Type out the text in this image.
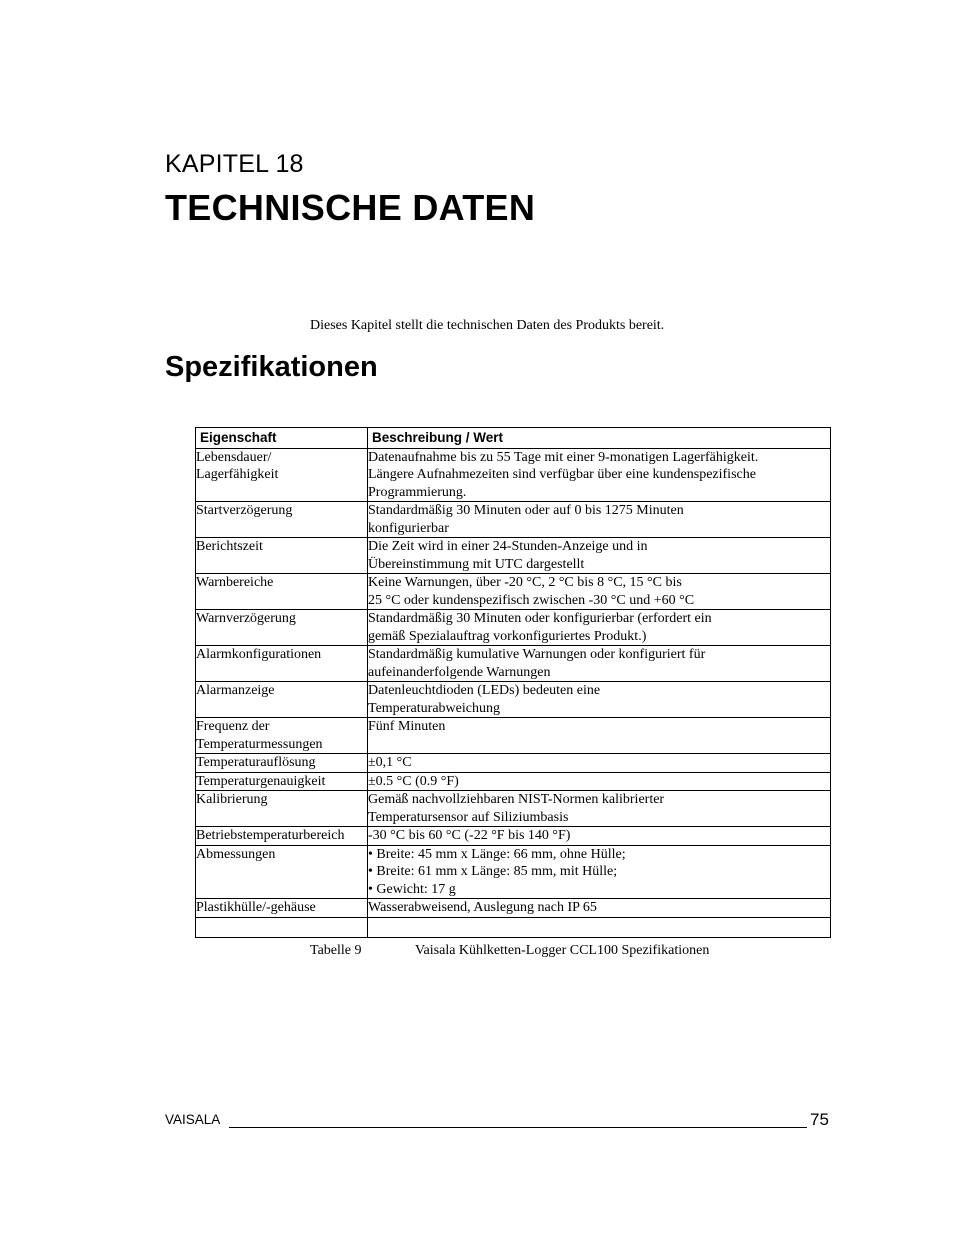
KAPITEL 18
TECHNISCHE DATEN
Dieses Kapitel stellt die technischen Daten des Produkts bereit.
Spezifikationen
Eigenschaft	Beschreibung / Wert

Lebensdauer/
Lagerfähigkeit	Datenaufnahme bis zu 55 Tage mit einer 9-monatigen Lagerfähigkeit.
Längere Aufnahmezeiten sind verfügbar über eine kundenspezifische
Programmierung.

Startverzögerung	Standardmäßig 30 Minuten oder auf 0 bis 1275 Minuten
konfigurierbar

Berichtszeit	Die Zeit wird in einer 24-Stunden-Anzeige und in
Übereinstimmung mit UTC dargestellt

Warnbereiche	Keine Warnungen, über -20 °C, 2 °C bis 8 °C, 15 °C bis
25 °C oder kundenspezifisch zwischen -30 °C und +60 °C

Warnverzögerung	Standardmäßig 30 Minuten oder konfigurierbar (erfordert ein
gemäß Spezialauftrag vorkonfiguriertes Produkt.)

Alarmkonfigurationen	Standardmäßig kumulative Warnungen oder konfiguriert für
aufeinanderfolgende Warnungen

Alarmanzeige	Datenleuchtdioden (LEDs) bedeuten eine
Temperaturabweichung

Frequenz der
Temperaturmessungen	Fünf Minuten

Temperaturauflösung	±0,1 °C

Temperaturgenauigkeit	±0.5 °C (0.9 °F)

Kalibrierung	Gemäß nachvollziehbaren NIST-Normen kalibrierter
Temperatursensor auf Siliziumbasis

Betriebstemperaturbereich	-30 °C bis 60 °C (-22 °F bis 140 °F)

Abmessungen	• Breite: 45 mm x Länge: 66 mm, ohne Hülle;
• Breite: 61 mm x Länge: 85 mm, mit Hülle;
• Gewicht: 17 g

Plastikhülle/-gehäuse	Wasserabweisend, Auslegung nach IP 65

Tabelle 9	Vaisala Kühlketten-Logger CCL100 Spezifikationen
VAISALA	75
